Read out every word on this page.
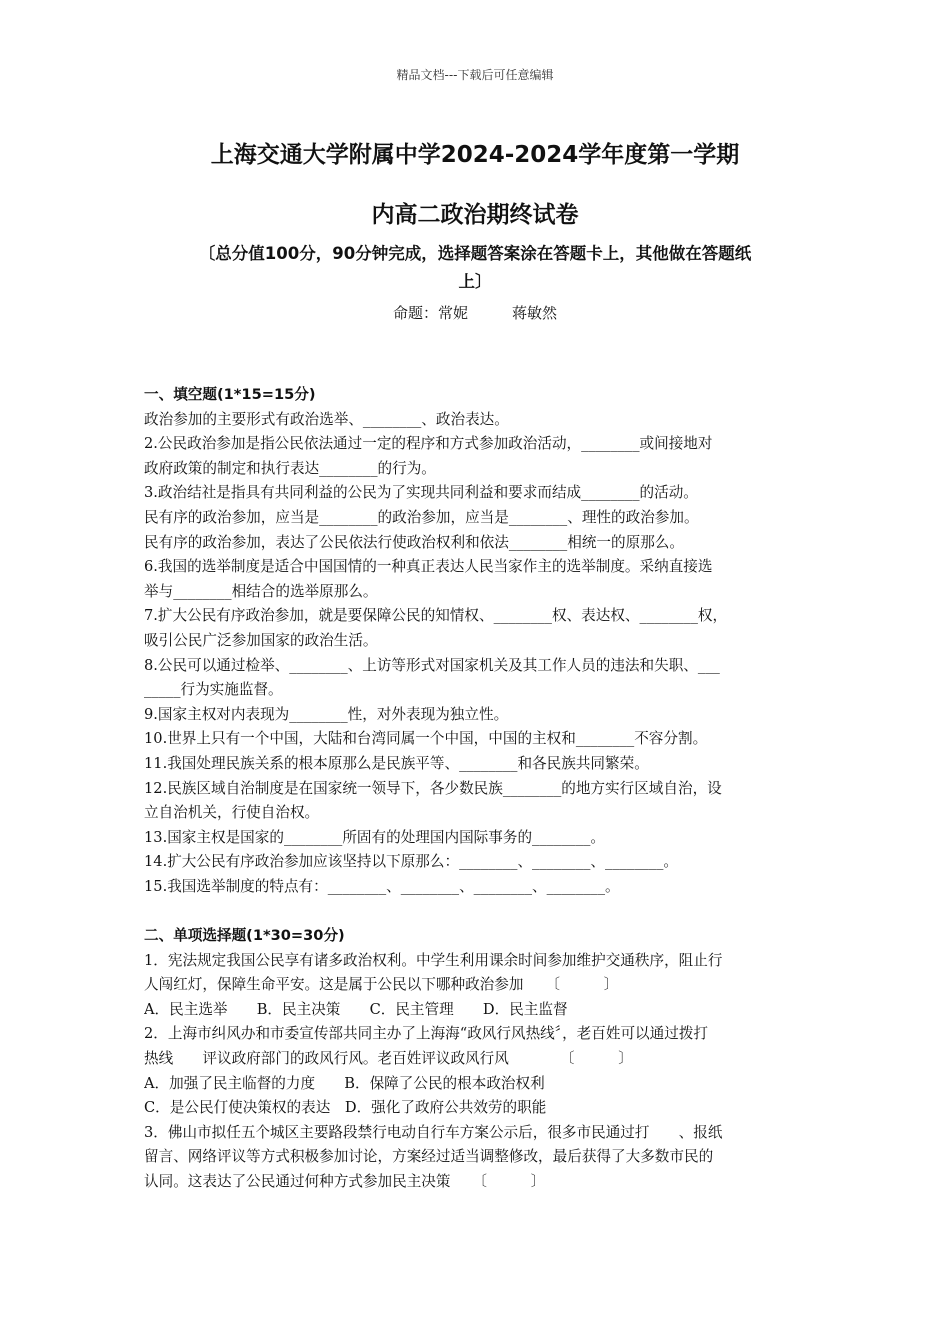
精品文档---下载后可任意编辑
上海交通大学附属中学2024-2024学年度第一学期
内高二政治期终试卷
〔总分值100分，90分钟完成，选择题答案涂在答题卡上，其他做在答题纸
上〕
命题：常妮	蒋敏然
一、填空题(1*15=15分)
政治参加的主要形式有政治选举、________、政治表达。
2.公民政治参加是指公民依法通过一定的程序和方式参加政治活动，________或间接地对
政府政策的制定和执行表达________的行为。
3.政治结社是指具有共同利益的公民为了实现共同利益和要求而结成________的活动。
民有序的政治参加，应当是________的政治参加，应当是________、理性的政治参加。
民有序的政治参加，表达了公民依法行使政治权利和依法________相统一的原那么。
6.我国的选举制度是适合中国国情的一种真正表达人民当家作主的选举制度。采纳直接选
举与________相结合的选举原那么。
7.扩大公民有序政治参加，就是要保障公民的知情权、________权、表达权、________权，
吸引公民广泛参加国家的政治生活。
8.公民可以通过检举、________、上访等形式对国家机关及其工作人员的违法和失职、___
_____行为实施监督。
9.国家主权对内表现为________性，对外表现为独立性。
10.世界上只有一个中国，大陆和台湾同属一个中国，中国的主权和________不容分割。
11.我国处理民族关系的根本原那么是民族平等、________和各民族共同繁荣。
12.民族区域自治制度是在国家统一领导下，各少数民族________的地方实行区域自治，设
立自治机关，行使自治权。
13.国家主权是国家的________所固有的处理国内国际事务的________。
14.扩大公民有序政治参加应该坚持以下原那么：________、________、________。
15.我国选举制度的特点有：________、________、________、________。
二、单项选择题(1*30=30分)
1．宪法规定我国公民享有诸多政治权利。中学生利用课余时间参加维护交通秩序，阻止行
人闯红灯，保障生命平安。这是属于公民以下哪种政治参加　　〔　　　〕
A．民主选举　　B．民主决策　　C．民主管理　　D．民主监督
2．上海市纠风办和市委宣传部共同主办了上海海“政风行风热线〞，老百姓可以通过拨打
热线　　评议政府部门的政风行风。老百姓评议政风行风　　　　〔　　　〕
A．加强了民主临督的力度　　B．保障了公民的根本政治权利
C．是公民仃使决策权的表达　D．强化了政府公共效劳的职能
3．佛山市拟任五个城区主要路段禁行电动自行车方案公示后，很多市民通过打　　、报纸
留言、网络评议等方式积极参加讨论，方案经过适当调整修改，最后获得了大多数市民的
认同。这表达了公民通过何种方式参加民主决策　　〔　　　〕
